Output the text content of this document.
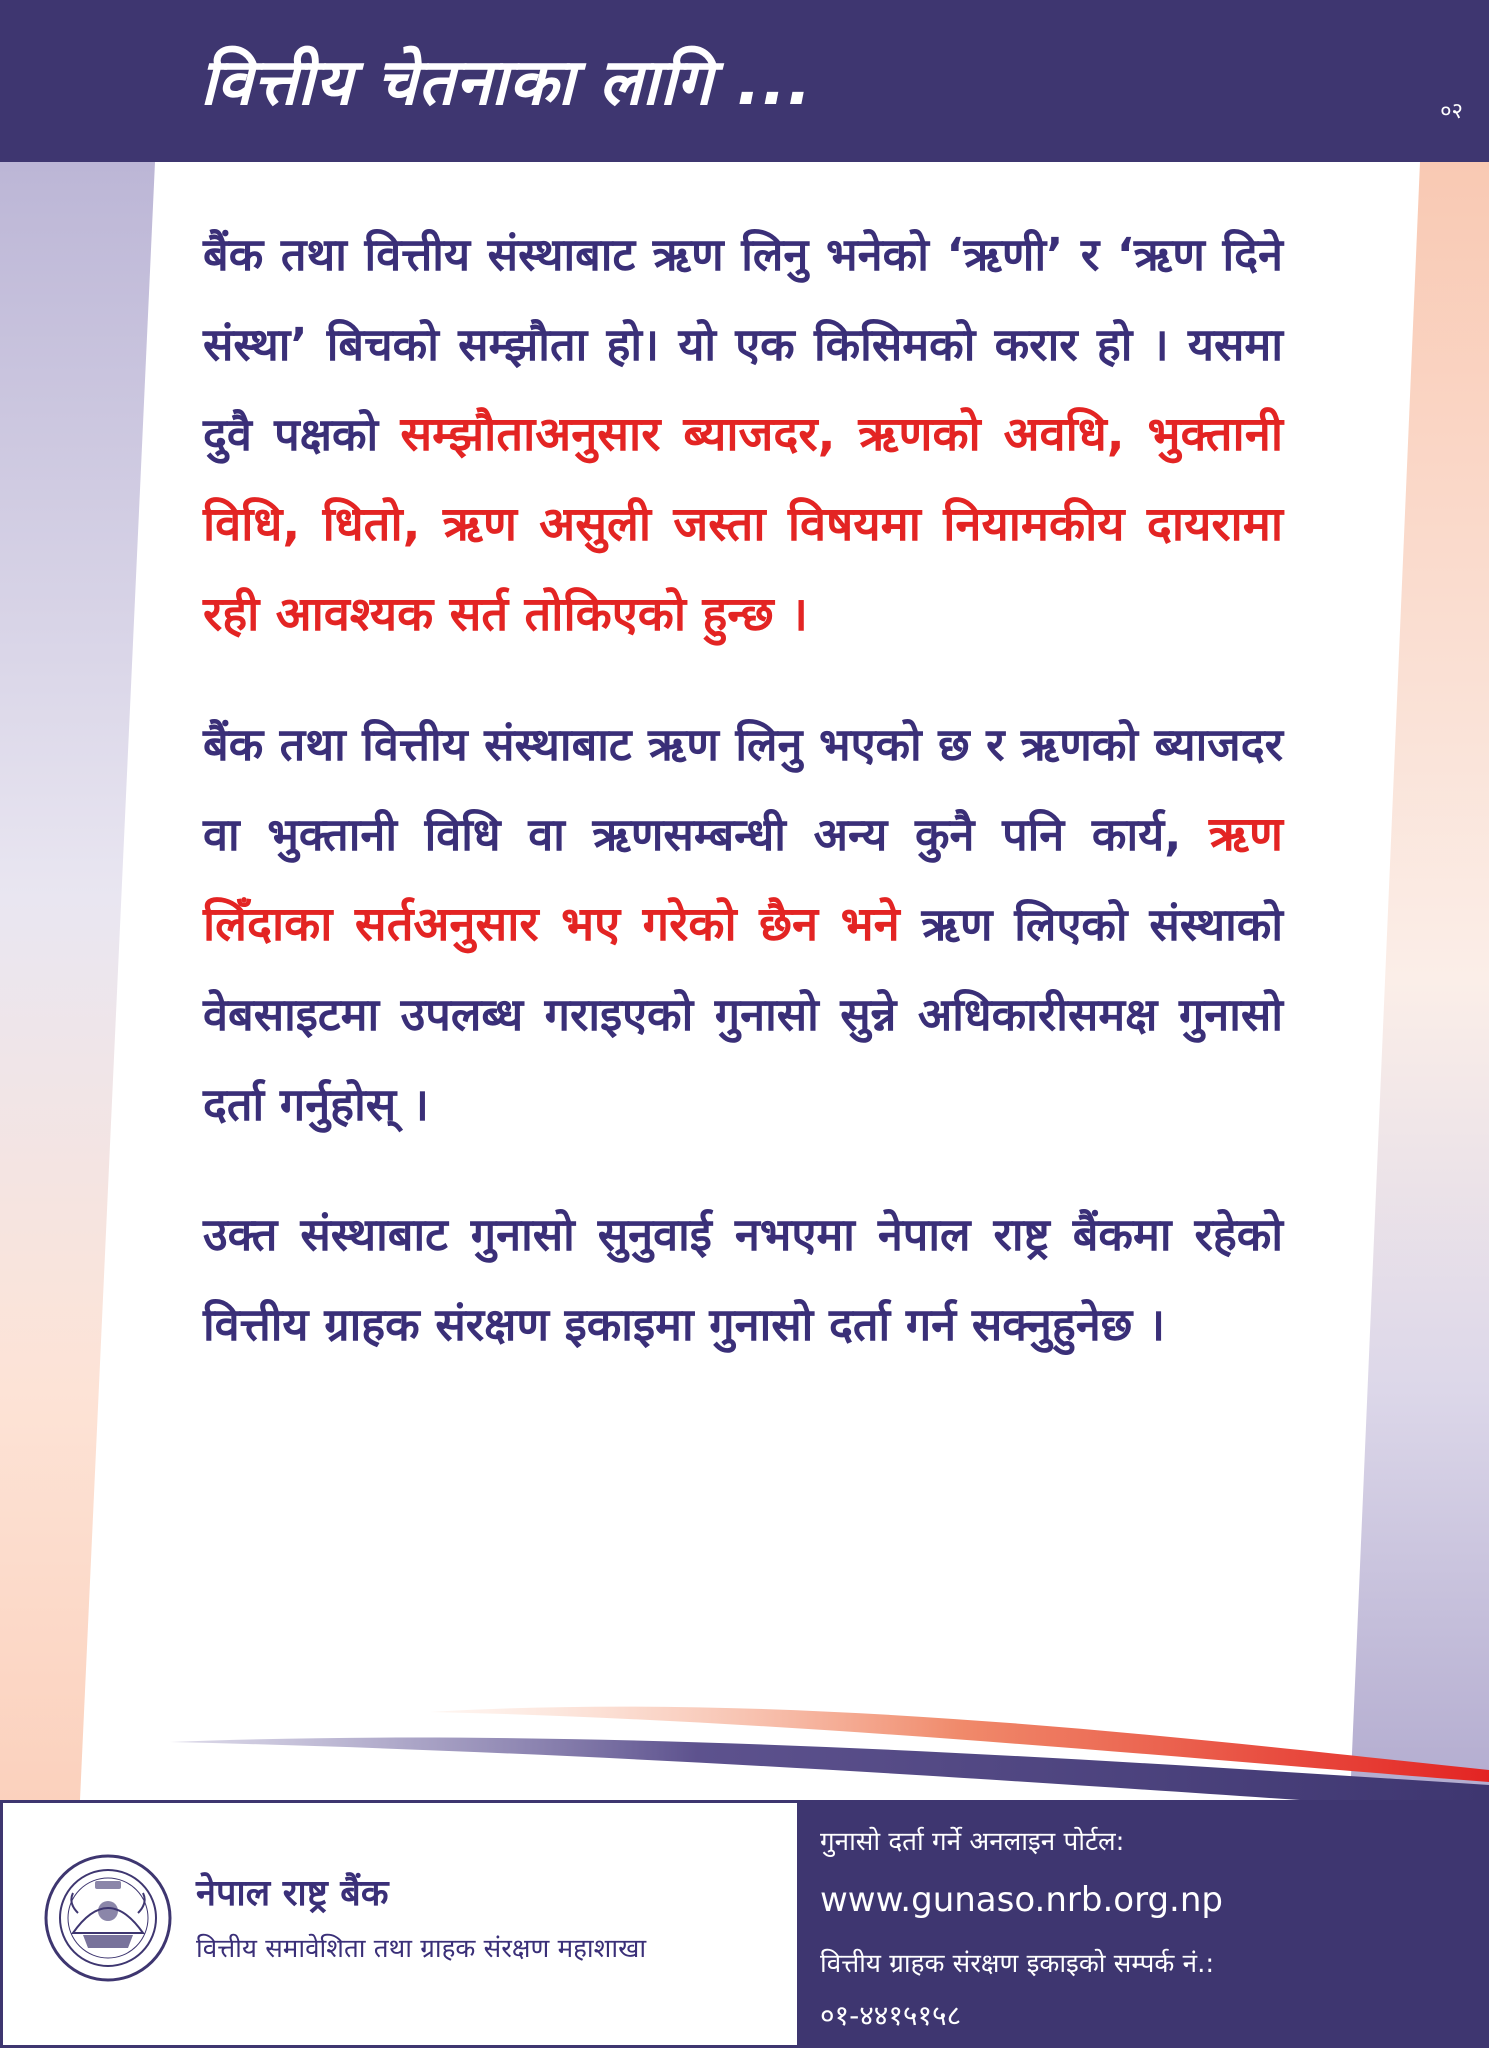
वित्तीय चेतनाका लागि ...	०२

बैंक तथा वित्तीय संस्थाबाट ऋण लिनु भनेको ‘ऋणी’ र ‘ऋण दिने संस्था’ बिचको सम्झौता हो। यो एक किसिमको करार हो । यसमा दुवै पक्षको सम्झौताअनुसार ब्याजदर, ऋणको अवधि, भुक्तानी विधि, धितो, ऋण असुली जस्ता विषयमा नियामकीय दायरामा रही आवश्यक सर्त तोकिएको हुन्छ ।

बैंक तथा वित्तीय संस्थाबाट ऋण लिनु भएको छ र ऋणको ब्याजदर वा भुक्तानी विधि वा ऋणसम्बन्धी अन्य कुनै पनि कार्य, ऋण लिँदाका सर्तअनुसार भए गरेको छैन भने ऋण लिएको संस्थाको वेबसाइटमा उपलब्ध गराइएको गुनासो सुन्ने अधिकारीसमक्ष गुनासो दर्ता गर्नुहोस् ।

उक्त संस्थाबाट गुनासो सुनुवाई नभएमा नेपाल राष्ट्र बैंकमा रहेको वित्तीय ग्राहक संरक्षण इकाइमा गुनासो दर्ता गर्न सक्नुहुनेछ ।

नेपाल राष्ट्र बैंक
वित्तीय समावेशिता तथा ग्राहक संरक्षण महाशाखा
गुनासो दर्ता गर्ने अनलाइन पोर्टल:
www.gunaso.nrb.org.np
वित्तीय ग्राहक संरक्षण इकाइको सम्पर्क नं.:
०१-४४१५१५८
